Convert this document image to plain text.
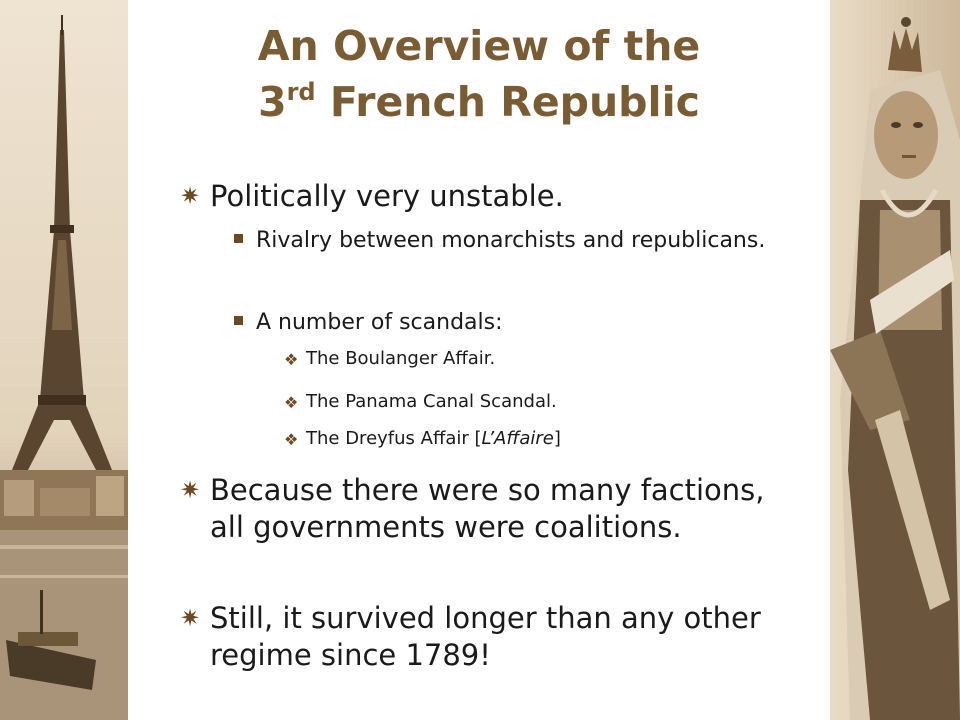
An Overview of the
3rd French Republic
✷ Politically very unstable.
Rivalry between monarchists and republicans.
A number of scandals:
❖ The Boulanger Affair.
❖ The Panama Canal Scandal.
❖ The Dreyfus Affair [L’Affaire]
✷ Because there were so many factions, all governments were coalitions.
✷ Still, it survived longer than any other regime since 1789!
